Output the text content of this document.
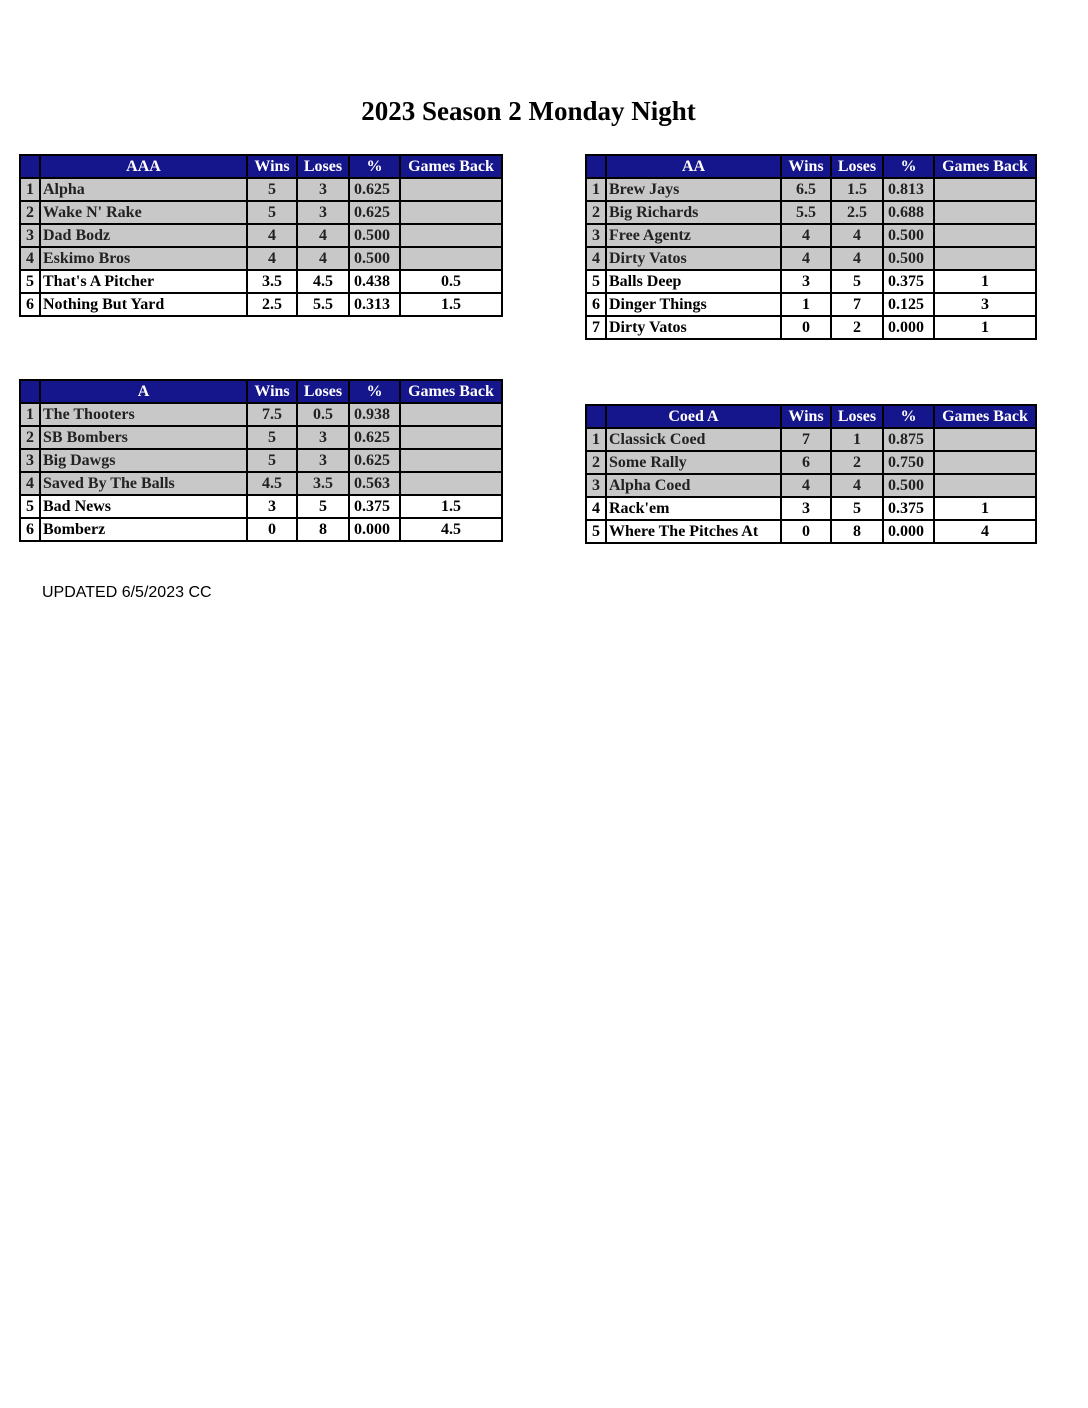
2023 Season 2 Monday Night
	AAA	Wins	Loses	%	Games Back
1	Alpha	5	3	0.625	
2	Wake N' Rake	5	3	0.625	
3	Dad Bodz	4	4	0.500	
4	Eskimo Bros	4	4	0.500	
5	That's A Pitcher	3.5	4.5	0.438	0.5
6	Nothing But Yard	2.5	5.5	0.313	1.5
	AA	Wins	Loses	%	Games Back
1	Brew Jays	6.5	1.5	0.813	
2	Big Richards	5.5	2.5	0.688	
3	Free Agentz	4	4	0.500	
4	Dirty Vatos	4	4	0.500	
5	Balls Deep	3	5	0.375	1
6	Dinger Things	1	7	0.125	3
7	Dirty Vatos	0	2	0.000	1
	A	Wins	Loses	%	Games Back
1	The Thooters	7.5	0.5	0.938	
2	SB Bombers	5	3	0.625	
3	Big Dawgs	5	3	0.625	
4	Saved By The Balls	4.5	3.5	0.563	
5	Bad News	3	5	0.375	1.5
6	Bomberz	0	8	0.000	4.5
	Coed A	Wins	Loses	%	Games Back
1	Classick Coed	7	1	0.875	
2	Some Rally	6	2	0.750	
3	Alpha Coed	4	4	0.500	
4	Rack'em	3	5	0.375	1
5	Where The Pitches At	0	8	0.000	4
UPDATED 6/5/2023 CC
